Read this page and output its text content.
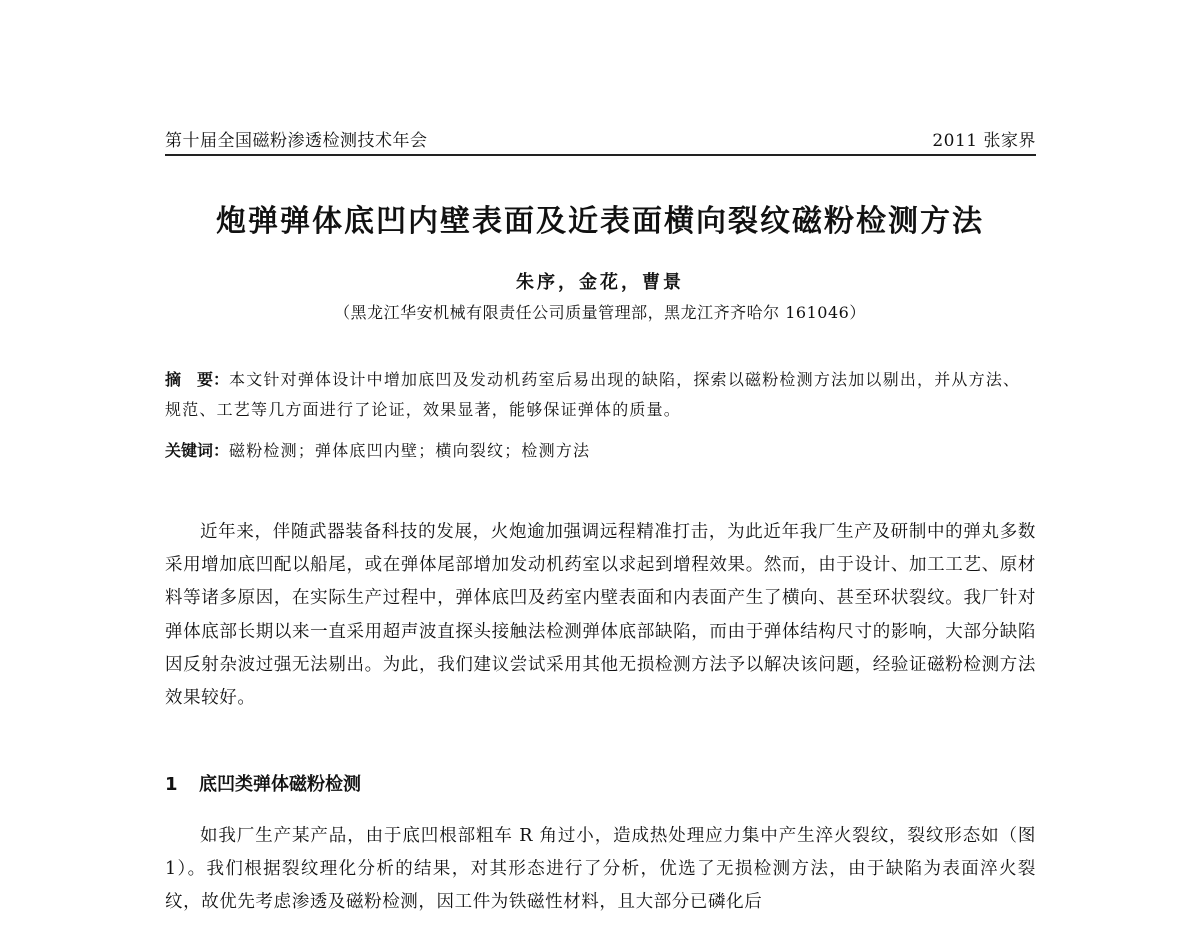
第十届全国磁粉渗透检测技术年会	2011 张家界
炮弹弹体底凹内壁表面及近表面横向裂纹磁粉检测方法
朱序，金花，曹景
（黑龙江华安机械有限责任公司质量管理部，黑龙江齐齐哈尔 161046）
摘　要：本文针对弹体设计中增加底凹及发动机药室后易出现的缺陷，探索以磁粉检测方法加以剔出，并从方法、规范、工艺等几方面进行了论证，效果显著，能够保证弹体的质量。
关键词：磁粉检测；弹体底凹内壁；横向裂纹；检测方法
近年来，伴随武器装备科技的发展，火炮逾加强调远程精准打击，为此近年我厂生产及研制中的弹丸多数采用增加底凹配以船尾，或在弹体尾部增加发动机药室以求起到增程效果。然而，由于设计、加工工艺、原材料等诸多原因，在实际生产过程中，弹体底凹及药室内壁表面和内表面产生了横向、甚至环状裂纹。我厂针对弹体底部长期以来一直采用超声波直探头接触法检测弹体底部缺陷，而由于弹体结构尺寸的影响，大部分缺陷因反射杂波过强无法剔出。为此，我们建议尝试采用其他无损检测方法予以解决该问题，经验证磁粉检测方法效果较好。
1 底凹类弹体磁粉检测
如我厂生产某产品，由于底凹根部粗车 R 角过小，造成热处理应力集中产生淬火裂纹，裂纹形态如（图 1）。我们根据裂纹理化分析的结果，对其形态进行了分析，优选了无损检测方法，由于缺陷为表面淬火裂纹，故优先考虑渗透及磁粉检测，因工件为铁磁性材料，且大部分已磷化后
